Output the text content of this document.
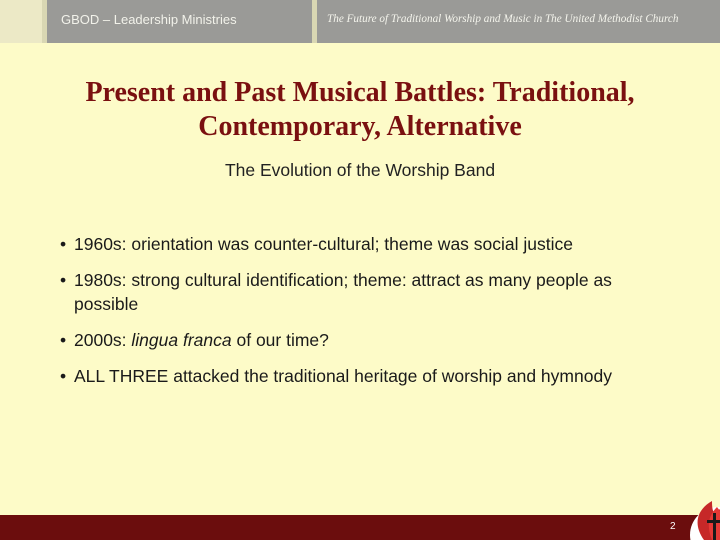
GBOD – Leadership Ministries	The Future of Traditional Worship and Music in The United Methodist Church
Present and Past Musical Battles: Traditional, Contemporary, Alternative
The Evolution of the Worship Band
• 1960s: orientation was counter-cultural; theme was social justice
• 1980s: strong cultural identification; theme: attract as many people as possible
• 2000s: lingua franca of our time?
• ALL THREE attacked the traditional heritage of worship and hymnody
2
